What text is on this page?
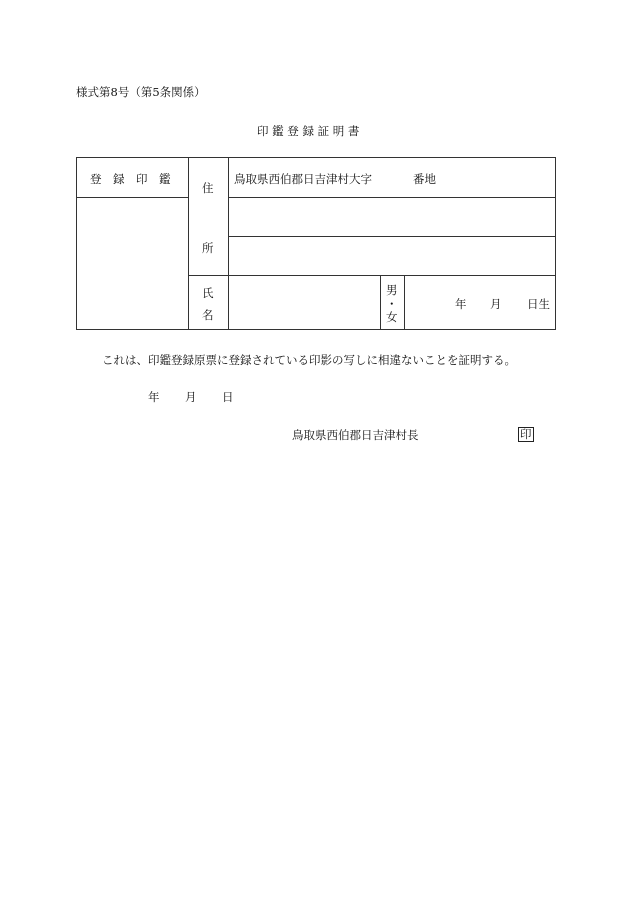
様式第8号（第5条関係）
印 鑑 登 録 証 明 書
登　録　印　鑑
住
所
鳥取県西伯郡日吉津村大字	番地
氏
名
男
・
女
年 月 日生
これは、印鑑登録原票に登録されている印影の写しに相違ないことを証明する。
年 月 日
鳥取県西伯郡日吉津村長	印
